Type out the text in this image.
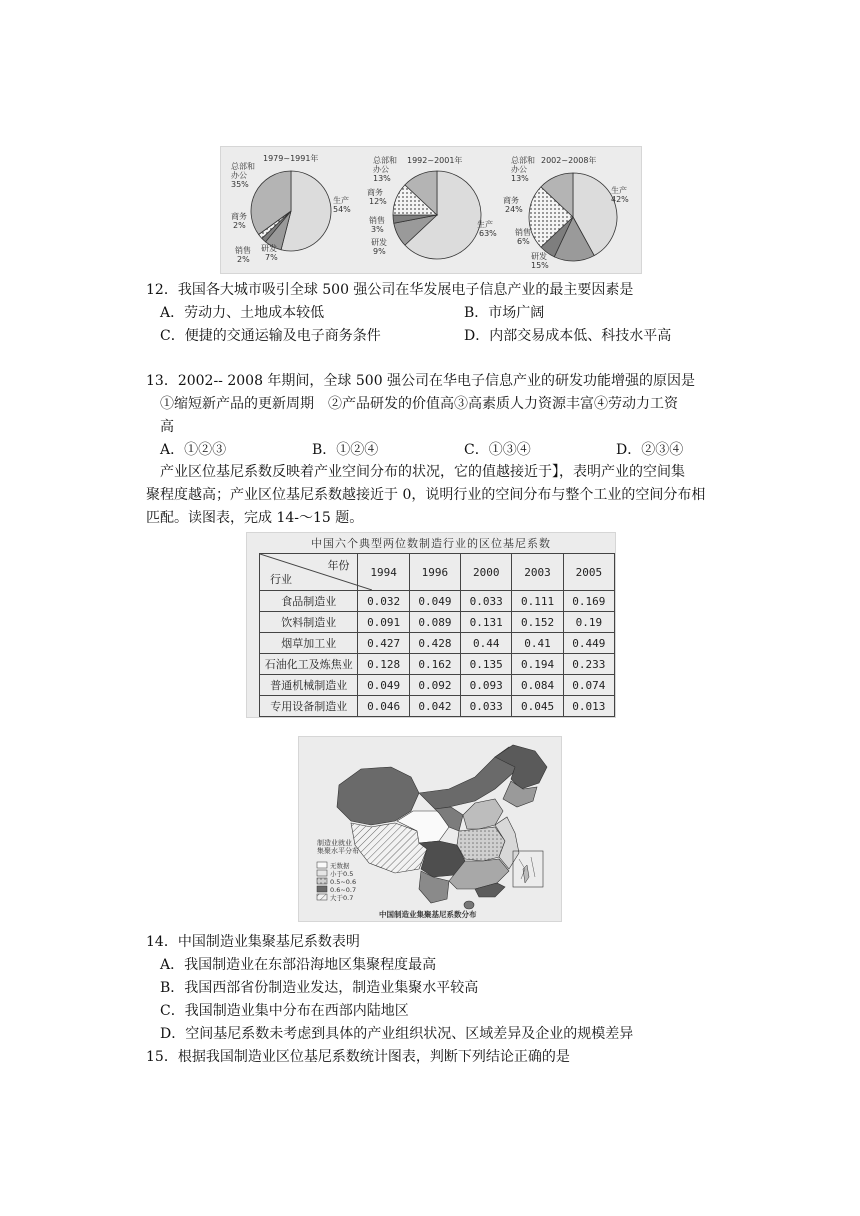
1979~1991年
总部和办公 35%
商务 2%
销售 2%
研发 7%
生产 54%
1992~2001年
总部和办公 13%
商务 12%
销售 3%
研发 9%
生产 63%
2002~2008年
总部和办公 13%
商务 24%
销售 6%
研发 15%
生产 42%
12．我国各大城市吸引全球 500 强公司在华发展电子信息产业的最主要因素是
A．劳动力、土地成本较低	B．市场广阔
C．便捷的交通运输及电子商务条件	D．内部交易成本低、科技水平高
13．2002-- 2008 年期间，全球 500 强公司在华电子信息产业的研发功能增强的原因是
①缩短新产品的更新周期　②产品研发的价值高③高素质人力资源丰富④劳动力工资
高
A．①②③	B．①②④	C．①③④	D．②③④
产业区位基尼系数反映着产业空间分布的状况，它的值越接近于】，表明产业的空间集
聚程度越高；产业区位基尼系数越接近于 0，说明行业的空间分布与整个工业的空间分布相
匹配。读图表，完成 14-～15 题。
中国六个典型两位数制造行业的区位基尼系数
年份
行业	1994	1996	2000	2003	2005
食品制造业	0.032	0.049	0.033	0.111	0.169
饮料制造业	0.091	0.089	0.131	0.152	0.19
烟草加工业	0.427	0.428	0.44	0.41	0.449
石油化工及炼焦业	0.128	0.162	0.135	0.194	0.233
普通机械制造业	0.049	0.092	0.093	0.084	0.074
专用设备制造业	0.046	0.042	0.033	0.045	0.013
制造业就业集聚水平分布
无数据
小于0.5
0.5~0.6
0.6~0.7
大于0.7
中国制造业集聚基尼系数分布
14．中国制造业集聚基尼系数表明
A．我国制造业在东部沿海地区集聚程度最高
B．我国西部省份制造业发达，制造业集聚水平较高
C．我国制造业集中分布在西部内陆地区
D．空间基尼系数未考虑到具体的产业组织状况、区域差异及企业的规模差异
15．根据我国制造业区位基尼系数统计图表，判断下列结论正确的是
